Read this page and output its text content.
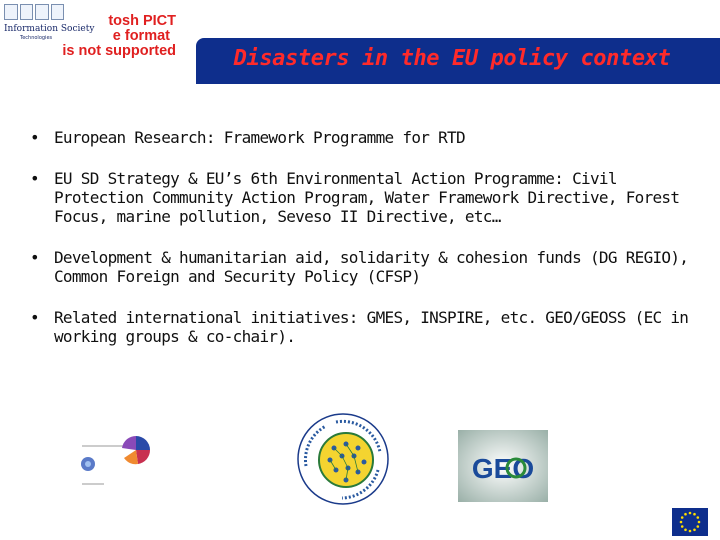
Information Society
Technologies
tosh PICT
e format
is not supported	Disasters in the EU policy context
• European Research: Framework Programme for RTD
• EU SD Strategy & EU’s 6th Environmental Action Programme: Civil Protection Community Action Program, Water Framework Directive, Forest Focus, marine pollution, Seveso II Directive, etc…
• Development & humanitarian aid, solidarity & cohesion funds (DG REGIO), Common Foreign and Security Policy (CFSP)
• Related international initiatives: GMES, INSPIRE, etc. GEO/GEOSS (EC in working groups & co-chair).
GEO
